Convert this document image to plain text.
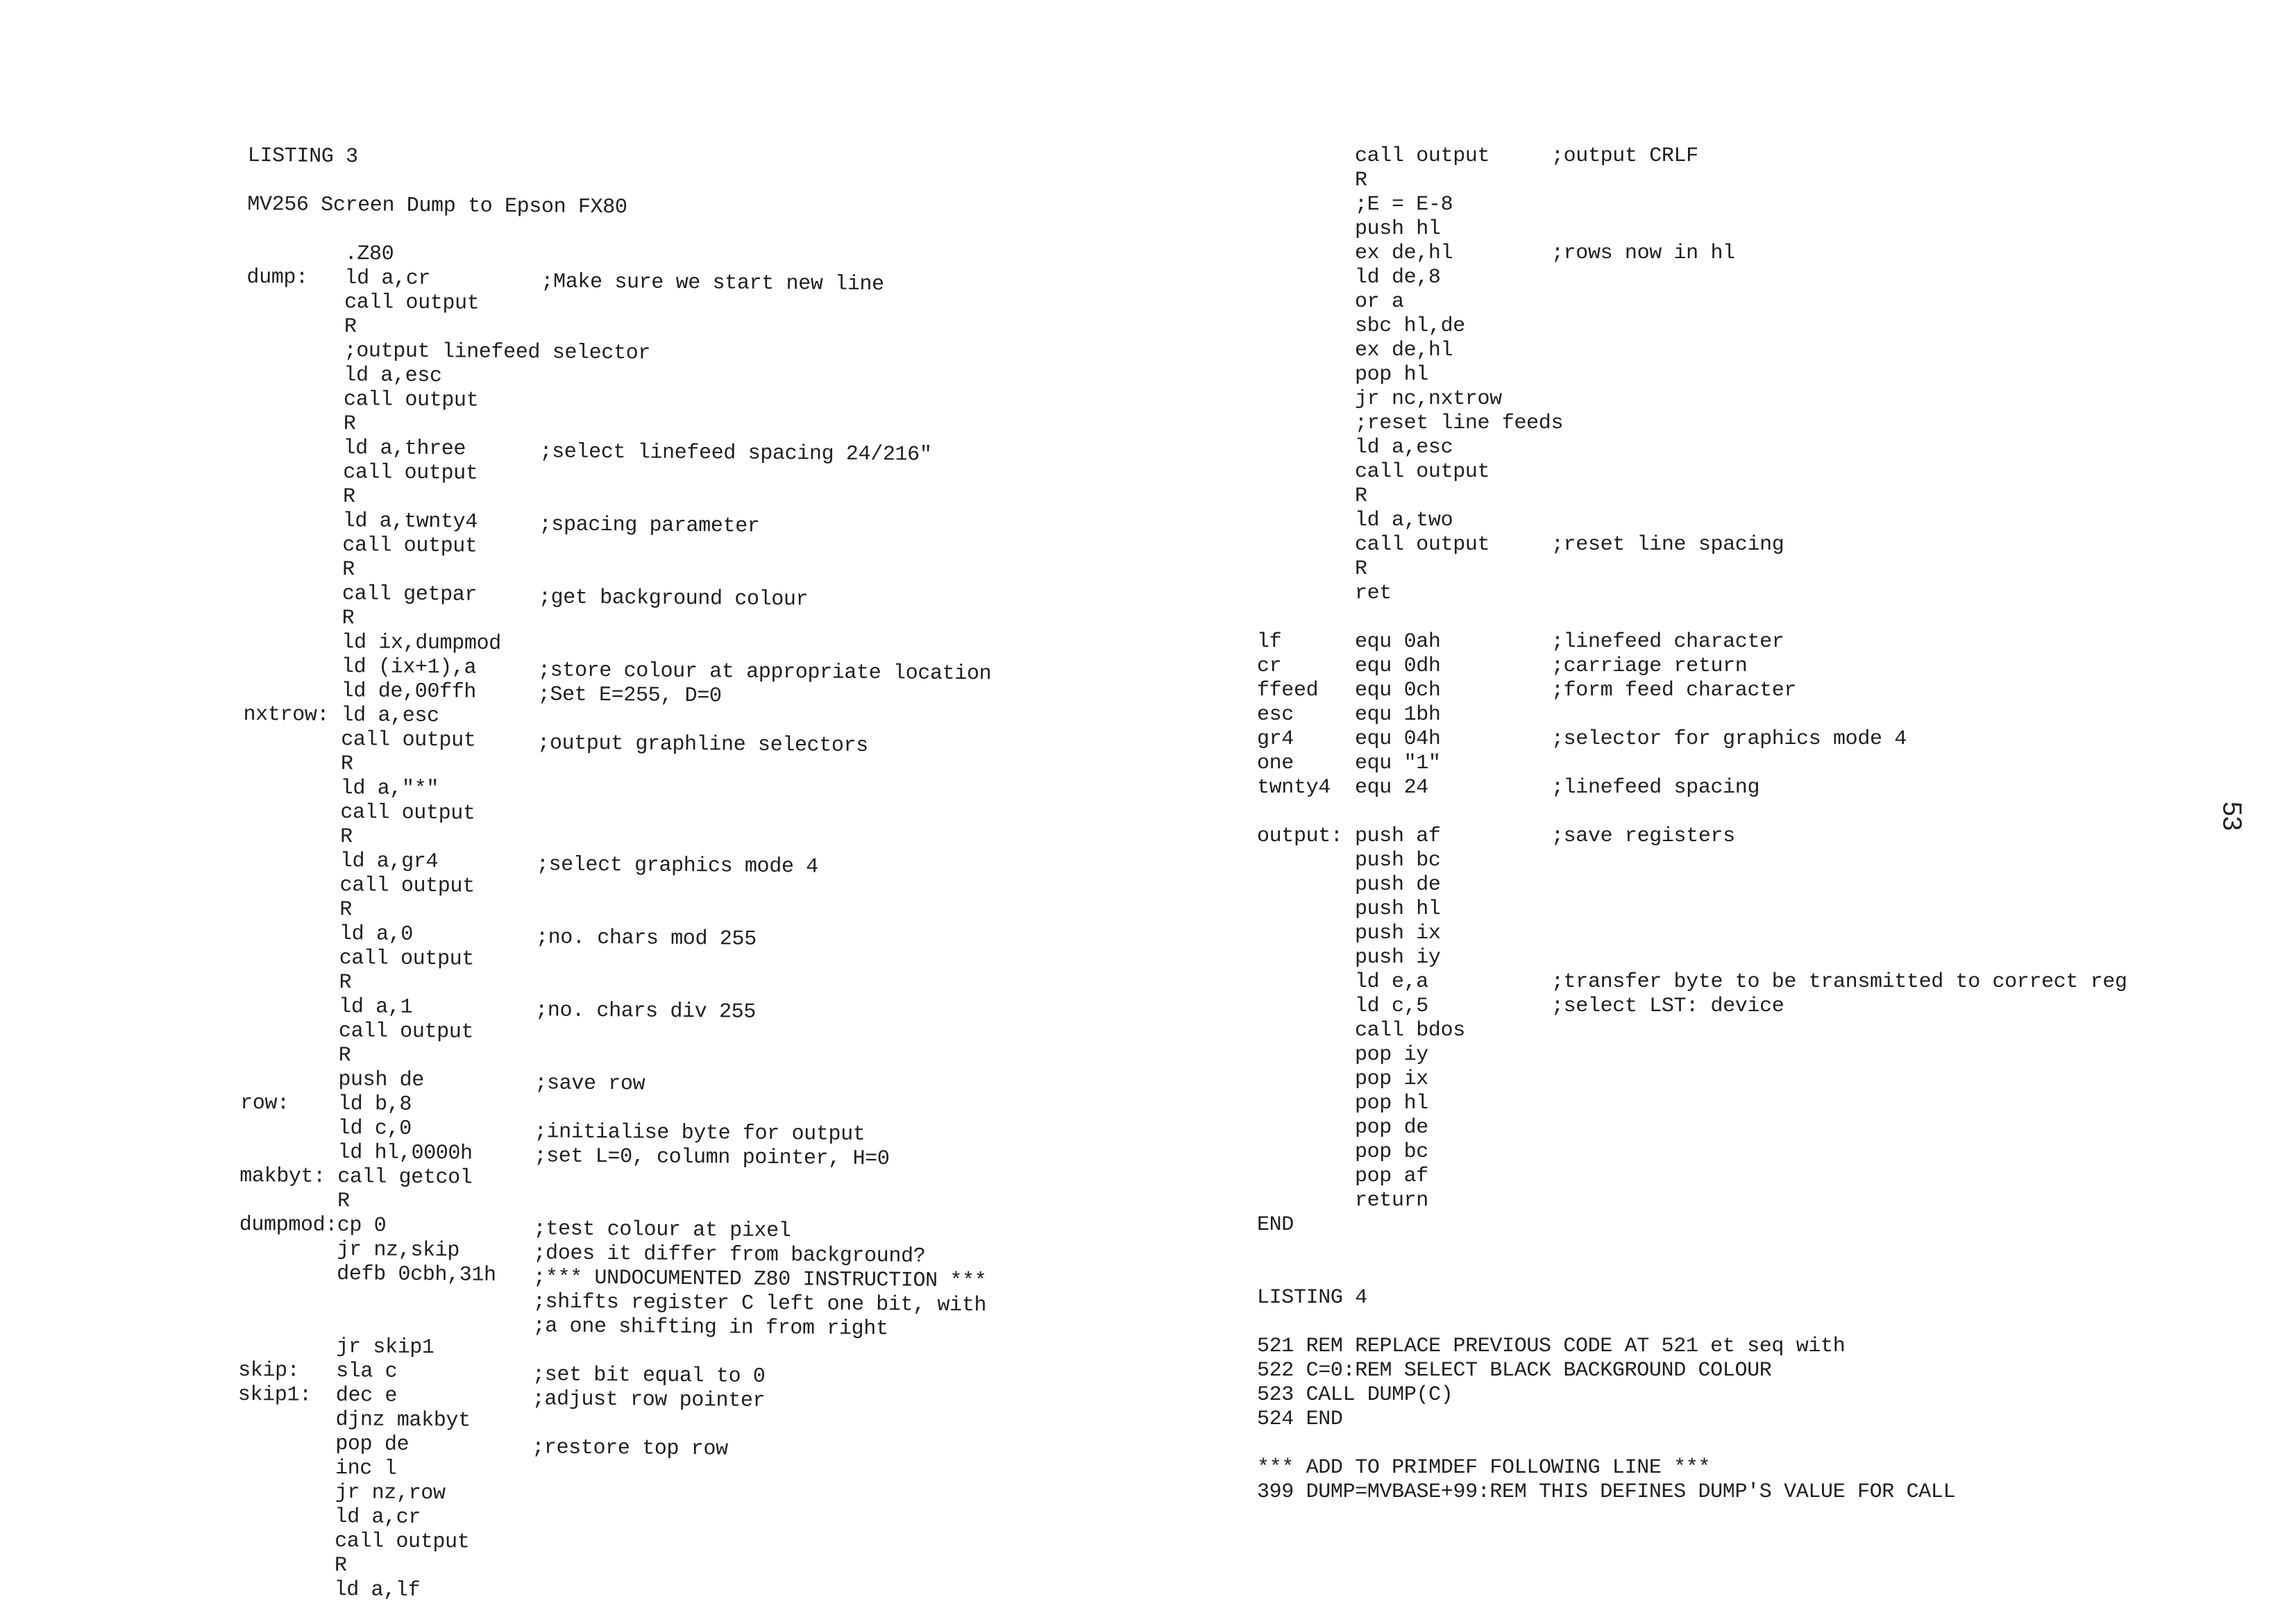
LISTING 3
MV256 Screen Dump to Epson FX80
.Z80
dump: ld a,cr	;Make sure we start new line
call output
R
;output linefeed selector
ld a,esc
call output
R
ld a,three	;select linefeed spacing 24/216"
call output
R
ld a,twnty4	;spacing parameter
call output
R
call getpar	;get background colour
R
ld ix,dumpmod
ld (ix+1),a	;store colour at appropriate location
ld de,00ffh	;Set E=255, D=0
nxtrow: ld a,esc
call output	;output graphline selectors
R
ld a,"*"
call output
R
ld a,gr4	;select graphics mode 4
call output
R
ld a,0	;no. chars mod 255
call output
R
ld a,1	;no. chars div 255
call output
R
push de	;save row
row: ld b,8
ld c,0	;initialise byte for output
ld hl,0000h	;set L=0, column pointer, H=0
makbyt: call getcol
R
dumpmod: cp 0	;test colour at pixel
jr nz,skip	;does it differ from background?
defb 0cbh,31h ;*** UNDOCUMENTED Z80 INSTRUCTION ***
;shifts register C left one bit, with
;a one shifting in from right
jr skip1
skip: sla c	;set bit equal to 0
skip1: dec e	;adjust row pointer
djnz makbyt
pop de	;restore top row
inc l
jr nz,row
ld a,cr
call output
R
ld a,lf
call output	;output CRLF
R
;E = E-8
push hl
ex de,hl	;rows now in hl
ld de,8
or a
sbc hl,de
ex de,hl
pop hl
jr nc,nxtrow
;reset line feeds
ld a,esc
call output
R
ld a,two
call output	;reset line spacing
R
ret
lf	equ 0ah	;linefeed character
cr	equ 0dh	;carriage return
ffeed equ 0ch	;form feed character
esc	equ 1bh
gr4	equ 04h	;selector for graphics mode 4
one	equ "1"
twnty4 equ 24	;linefeed spacing
output: push af	;save registers
push bc
push de
push hl
push ix
push iy
ld e,a	;transfer byte to be transmitted to correct reg
ld c,5	;select LST: device
call bdos
pop iy
pop ix
pop hl
pop de
pop bc
pop af
return
END
LISTING 4
521 REM REPLACE PREVIOUS CODE AT 521 et seq with
522 C=0:REM SELECT BLACK BACKGROUND COLOUR
523 CALL DUMP(C)
524 END
*** ADD TO PRIMDEF FOLLOWING LINE ***
399 DUMP=MVBASE+99:REM THIS DEFINES DUMP'S VALUE FOR CALL
53
